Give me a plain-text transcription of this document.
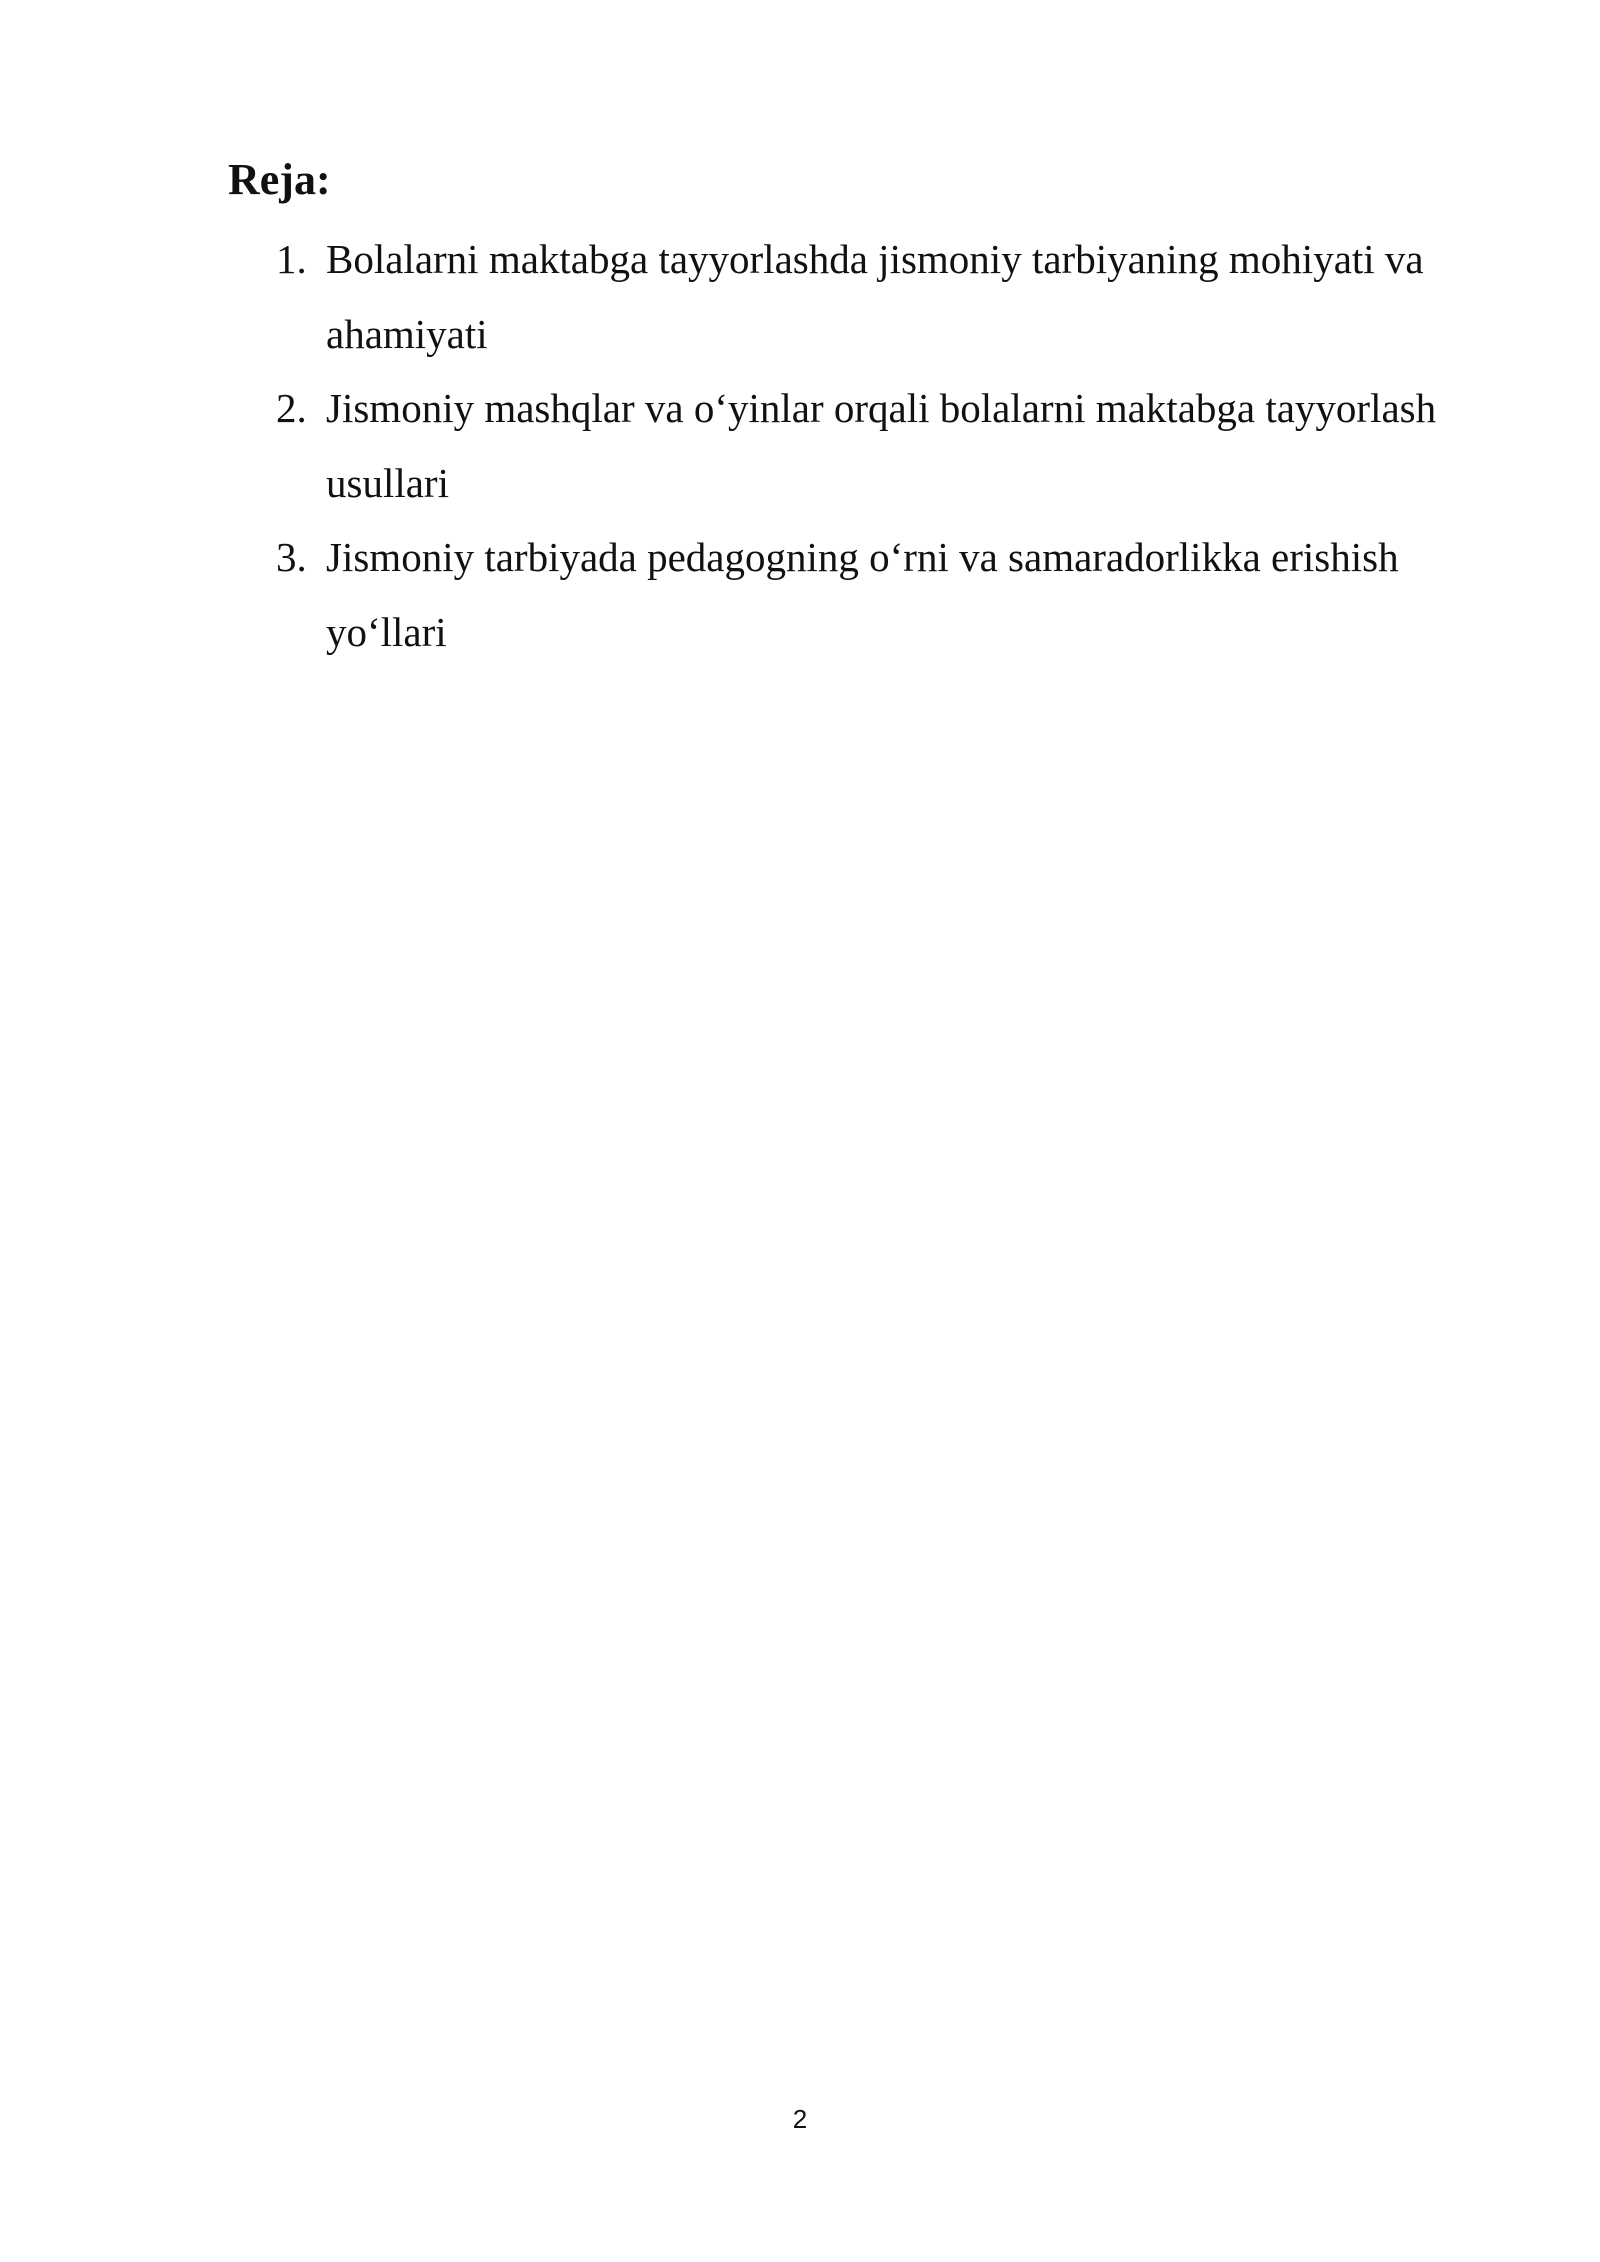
Reja:
1. Bolalarni maktabga tayyorlashda jismoniy tarbiyaning mohiyati va ahamiyati
2. Jismoniy mashqlar va o‘yinlar orqali bolalarni maktabga tayyorlash usullari
3. Jismoniy tarbiyada pedagogning o‘rni va samaradorlikka erishish yo‘llari
2
